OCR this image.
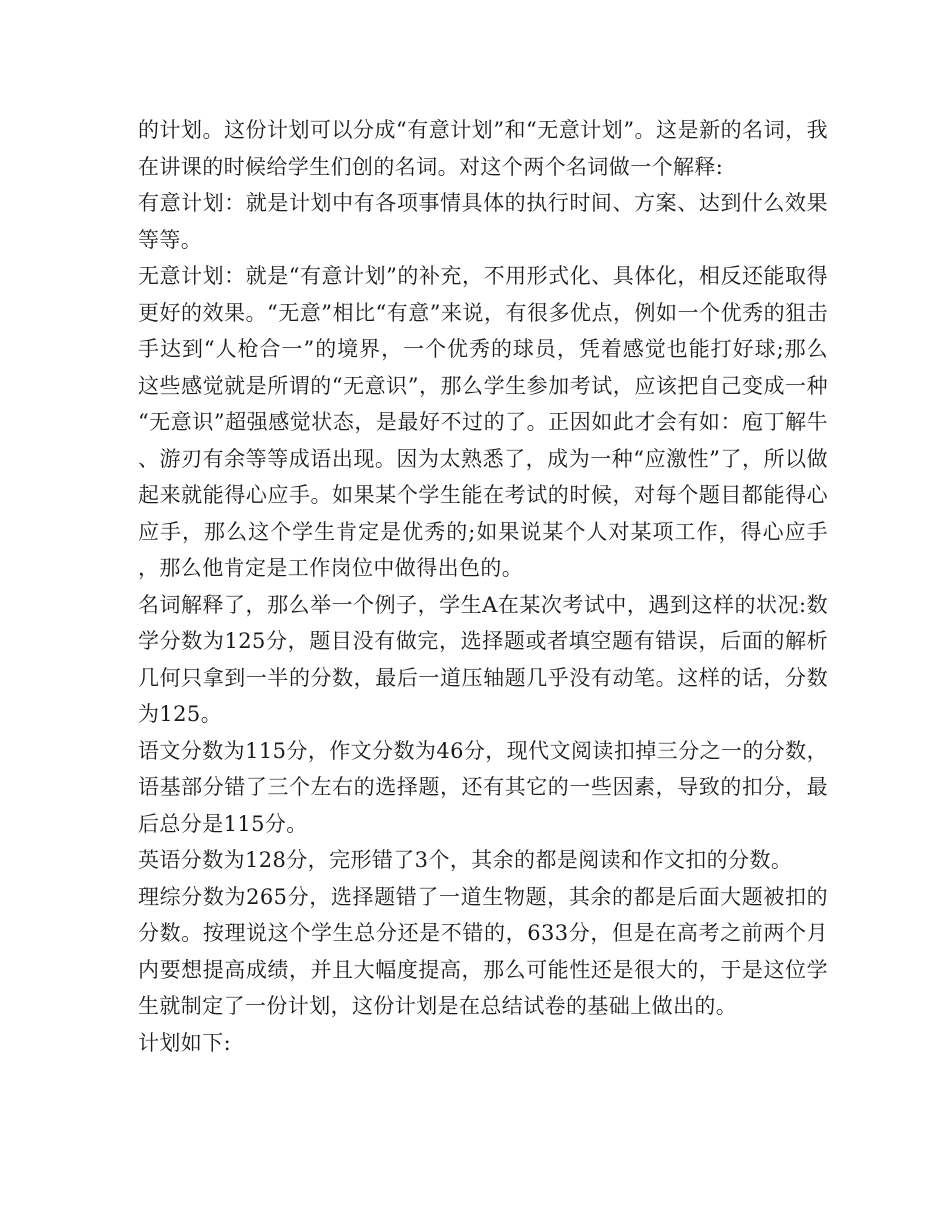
的计划。这份计划可以分成“有意计划”和“无意计划”。这是新的名词，我在讲课的时候给学生们创的名词。对这个两个名词做一个解释:

有意计划：就是计划中有各项事情具体的执行时间、方案、达到什么效果等等。

无意计划：就是“有意计划”的补充，不用形式化、具体化，相反还能取得更好的效果。“无意”相比“有意”来说，有很多优点，例如一个优秀的狙击手达到“人枪合一”的境界，一个优秀的球员，凭着感觉也能打好球;那么这些感觉就是所谓的“无意识”，那么学生参加考试，应该把自己变成一种“无意识”超强感觉状态，是最好不过的了。正因如此才会有如：庖丁解牛、游刃有余等等成语出现。因为太熟悉了，成为一种“应激性”了，所以做起来就能得心应手。如果某个学生能在考试的时候，对每个题目都能得心应手，那么这个学生肯定是优秀的;如果说某个人对某项工作，得心应手，那么他肯定是工作岗位中做得出色的。

名词解释了，那么举一个例子，学生A在某次考试中，遇到这样的状况:数学分数为125分，题目没有做完，选择题或者填空题有错误，后面的解析几何只拿到一半的分数，最后一道压轴题几乎没有动笔。这样的话，分数为125。

语文分数为115分，作文分数为46分，现代文阅读扣掉三分之一的分数，语基部分错了三个左右的选择题，还有其它的一些因素，导致的扣分，最后总分是115分。

英语分数为128分，完形错了3个，其余的都是阅读和作文扣的分数。

理综分数为265分，选择题错了一道生物题，其余的都是后面大题被扣的分数。按理说这个学生总分还是不错的，633分，但是在高考之前两个月内要想提高成绩，并且大幅度提高，那么可能性还是很大的，于是这位学生就制定了一份计划，这份计划是在总结试卷的基础上做出的。

计划如下:
